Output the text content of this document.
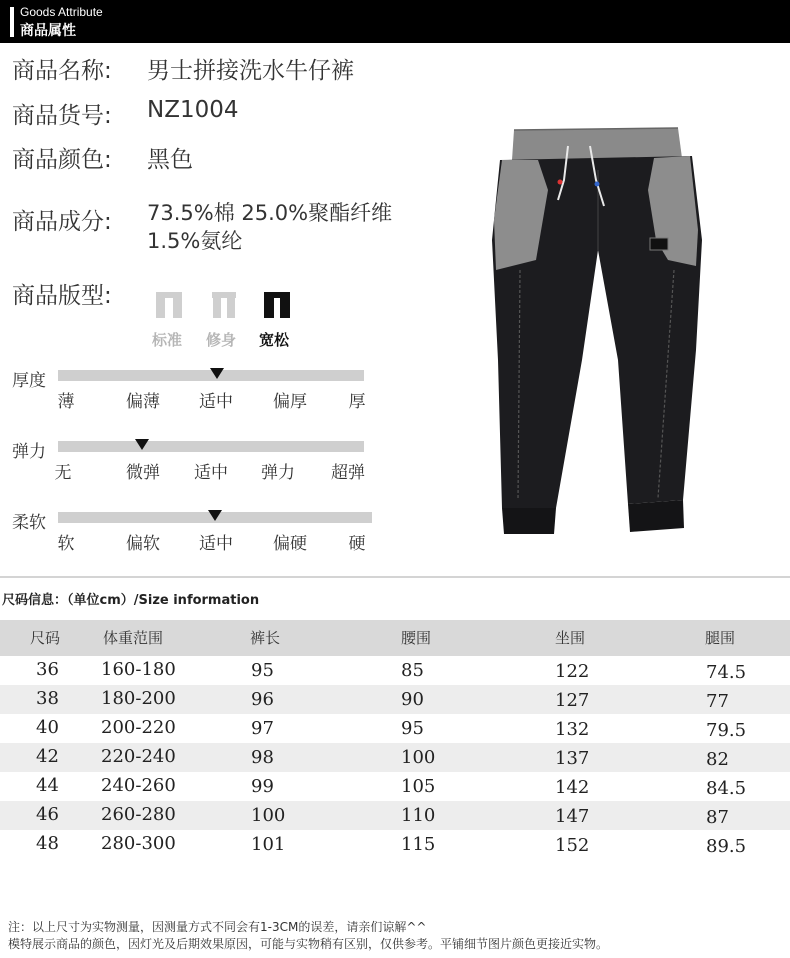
Goods Attribute
商品属性
商品名称: 男士拼接洗水牛仔裤
商品货号: NZ1004
商品颜色: 黑色
商品成分: 73.5%棉 25.0%聚酯纤维
1.5%氨纶
商品版型:
标准 修身 宽松
厚度
薄	偏薄 适中 偏厚 厚
弹力
无	微弹 适中 弹力 超弹
柔软
软	偏软 适中 偏硬 硬
尺码信息：（单位cm）/Size information
尺码	体重范围	裤长	腰围	坐围	腿围
36 160-180	95	85	122	74.5
38 180-200	96	90	127	77
40 200-220	97	95	132	79.5
42 220-240	98	100	137	82
44 240-260	99	105	142	84.5
46 260-280	100	110	147	87
48 280-300	101	115	152	89.5
注：以上尺寸为实物测量，因测量方式不同会有1-3CM的误差，请亲们谅解^^
模特展示商品的颜色，因灯光及后期效果原因，可能与实物稍有区别，仅供参考。平铺细节图片颜色更接近实物。
